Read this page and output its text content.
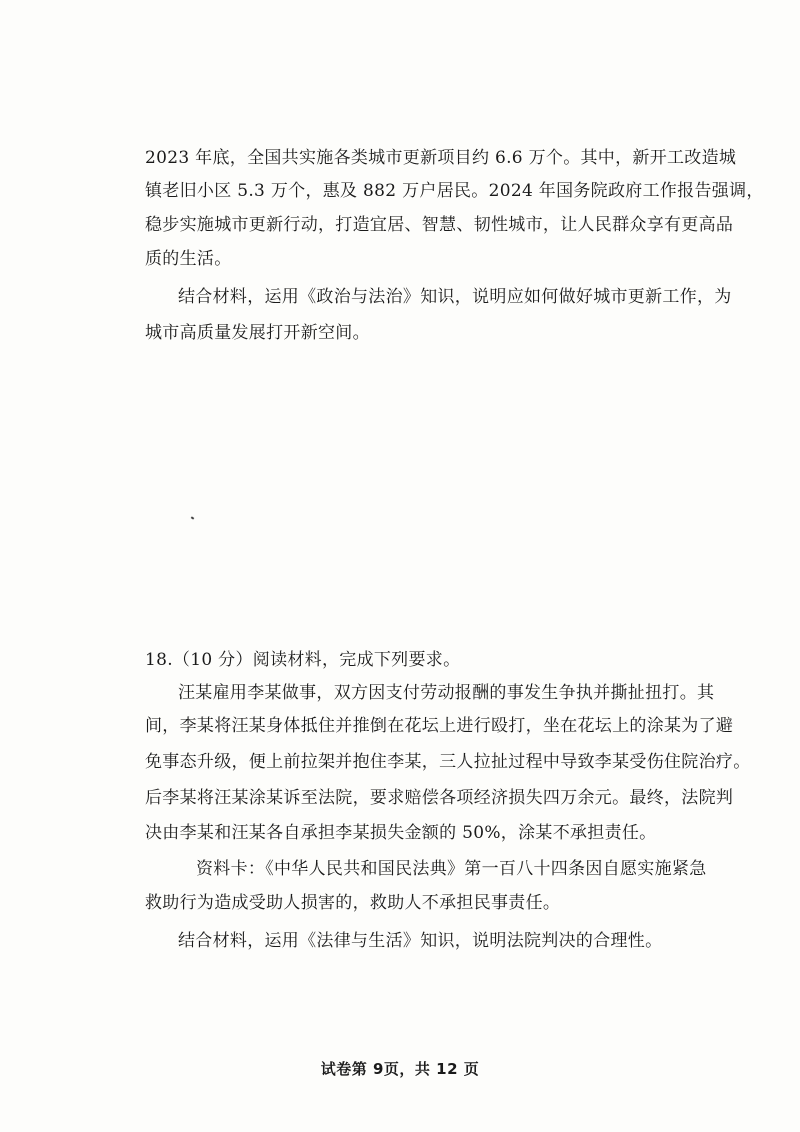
2023 年底，全国共实施各类城市更新项目约 6.6 万个。其中，新开工改造城
镇老旧小区 5.3 万个，惠及 882 万户居民。2024 年国务院政府工作报告强调，
稳步实施城市更新行动，打造宜居、智慧、韧性城市，让人民群众享有更高品
质的生活。
结合材料，运用《政治与法治》知识，说明应如何做好城市更新工作，为
城市高质量发展打开新空间。
18.（10 分）阅读材料，完成下列要求。
汪某雇用李某做事，双方因支付劳动报酬的事发生争执并撕扯扭打。其
间，李某将汪某身体抵住并推倒在花坛上进行殴打，坐在花坛上的涂某为了避
免事态升级，便上前拉架并抱住李某，三人拉扯过程中导致李某受伤住院治疗。
后李某将汪某涂某诉至法院，要求赔偿各项经济损失四万余元。最终，法院判
决由李某和汪某各自承担李某损失金额的 50%，涂某不承担责任。
资料卡：《中华人民共和国民法典》第一百八十四条因自愿实施紧急
救助行为造成受助人损害的，救助人不承担民事责任。
结合材料，运用《法律与生活》知识，说明法院判决的合理性。
试卷第 9页，共 12 页
